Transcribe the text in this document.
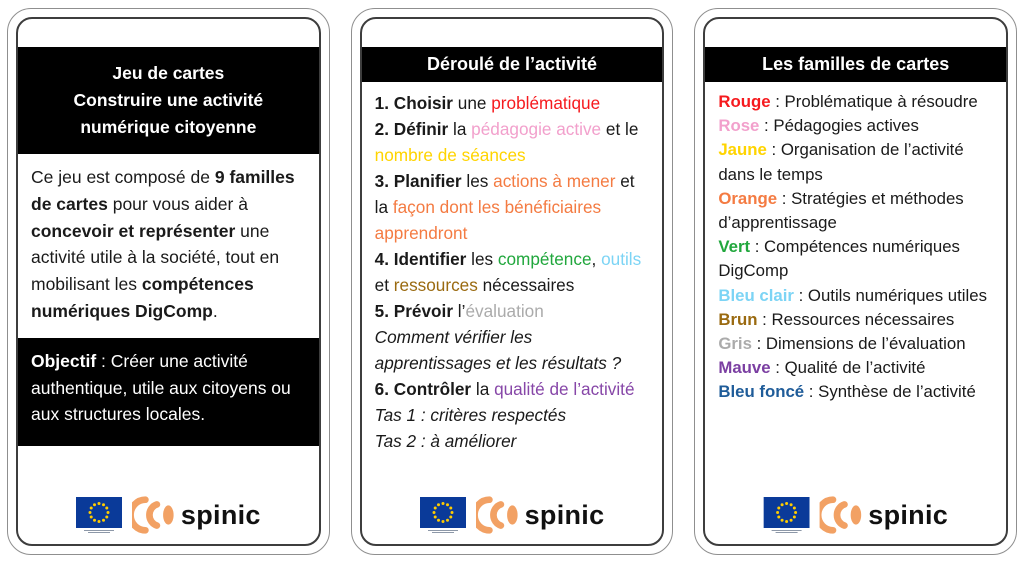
Jeu de cartes
Construire une activité
numérique citoyenne
Ce jeu est composé de 9 familles de cartes pour vous aider à concevoir et représenter une activité utile à la société, tout en mobilisant les compétences numériques DigComp.
Objectif : Créer une activité authentique, utile aux citoyens ou aux structures locales.
spinic
Déroulé de l’activité
1. Choisir une problématique
2. Définir la pédagogie active et le nombre de séances
3. Planifier les actions à mener et la façon dont les bénéficiaires apprendront
4. Identifier les compétence, outils et ressources nécessaires
5. Prévoir l’évaluation
Comment vérifier les apprentissages et les résultats ?
6. Contrôler la qualité de l’activité
Tas 1 : critères respectés
Tas 2 : à améliorer
spinic
Les familles de cartes
Rouge : Problématique à résoudre
Rose : Pédagogies actives
Jaune : Organisation de l’activité dans le temps
Orange : Stratégies et méthodes d’apprentissage
Vert : Compétences numériques DigComp
Bleu clair : Outils numériques utiles
Brun : Ressources nécessaires
Gris : Dimensions de l’évaluation
Mauve : Qualité de l’activité
Bleu foncé : Synthèse de l’activité
spinic
